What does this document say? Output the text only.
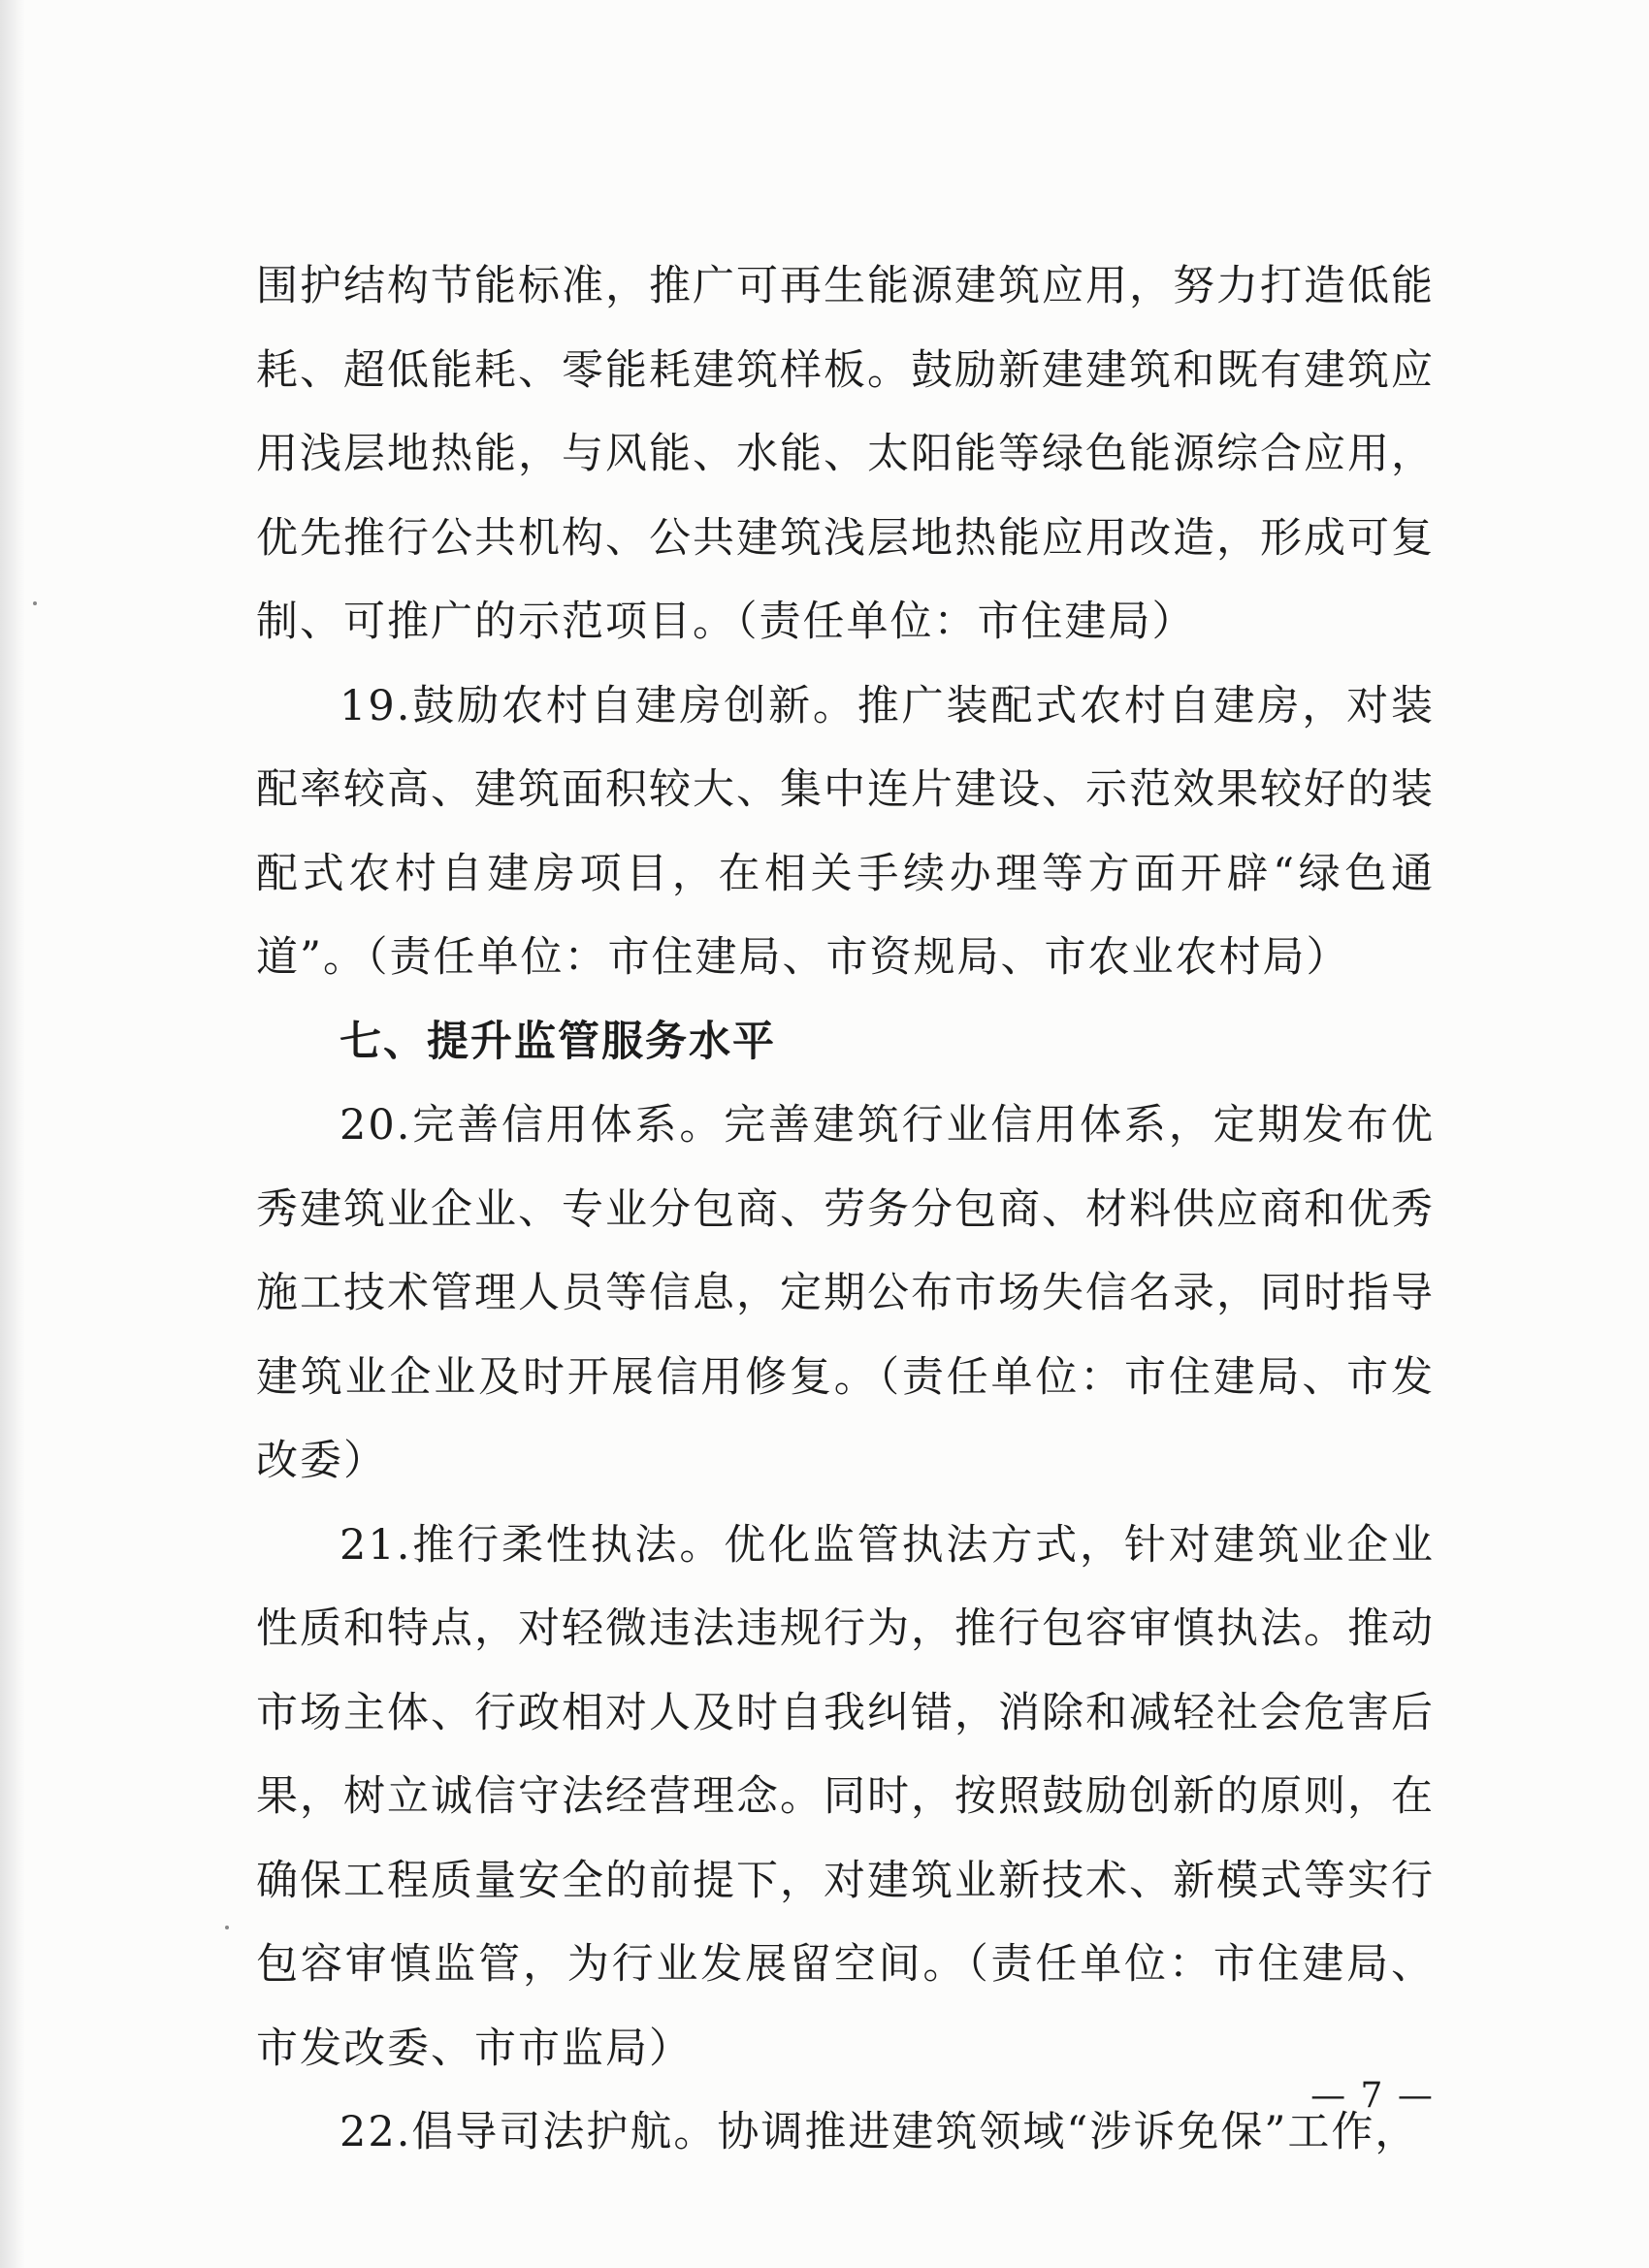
围护结构节能标准，推广可再生能源建筑应用，努力打造低能耗、超低能耗、零能耗建筑样板。鼓励新建建筑和既有建筑应用浅层地热能，与风能、水能、太阳能等绿色能源综合应用，优先推行公共机构、公共建筑浅层地热能应用改造，形成可复制、可推广的示范项目。（责任单位：市住建局）

19.鼓励农村自建房创新。推广装配式农村自建房，对装配率较高、建筑面积较大、集中连片建设、示范效果较好的装配式农村自建房项目，在相关手续办理等方面开辟“绿色通道”。（责任单位：市住建局、市资规局、市农业农村局）

七、提升监管服务水平

20.完善信用体系。完善建筑行业信用体系，定期发布优秀建筑业企业、专业分包商、劳务分包商、材料供应商和优秀施工技术管理人员等信息，定期公布市场失信名录，同时指导建筑业企业及时开展信用修复。（责任单位：市住建局、市发改委）

21.推行柔性执法。优化监管执法方式，针对建筑业企业性质和特点，对轻微违法违规行为，推行包容审慎执法。推动市场主体、行政相对人及时自我纠错，消除和减轻社会危害后果，树立诚信守法经营理念。同时，按照鼓励创新的原则，在确保工程质量安全的前提下，对建筑业新技术、新模式等实行包容审慎监管，为行业发展留空间。（责任单位：市住建局、市发改委、市市监局）

22.倡导司法护航。协调推进建筑领域“涉诉免保”工作，

— 7 —
